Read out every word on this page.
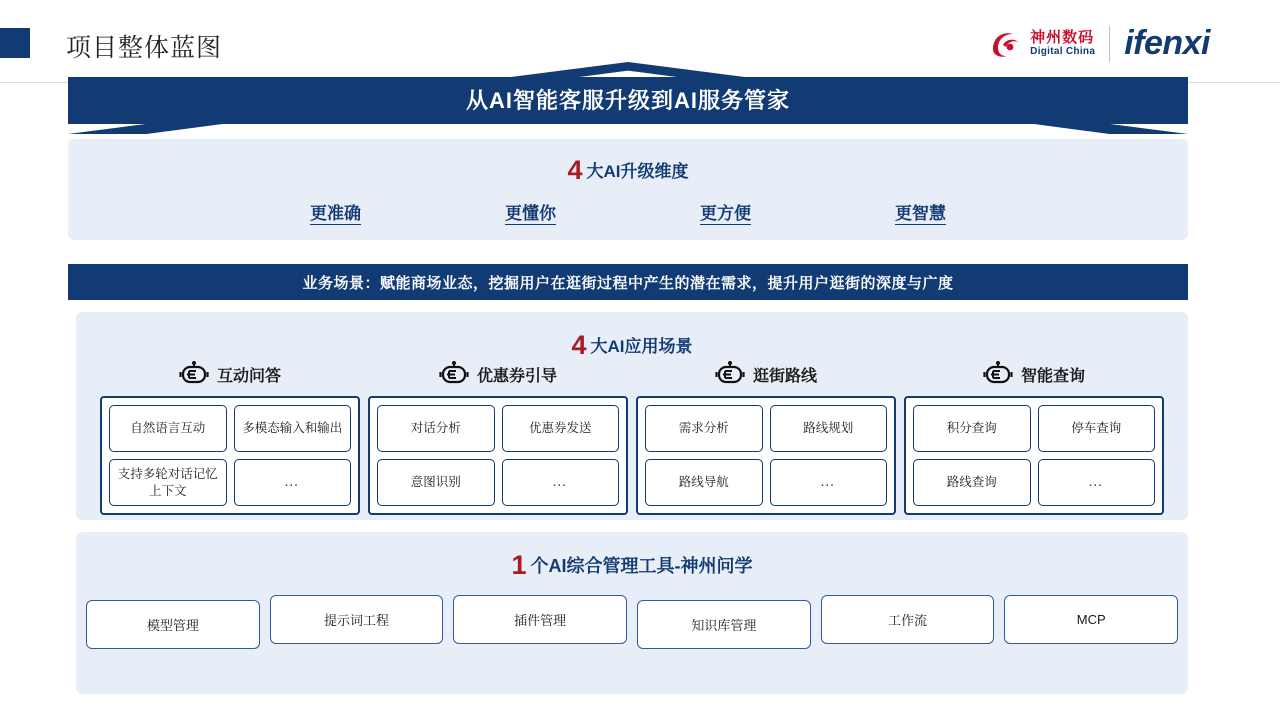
项目整体蓝图	神州数码
Digital China ifenxi
从AI智能客服升级到AI服务管家
4 大AI升级维度
更准确	更懂你	更方便	更智慧
业务场景：赋能商场业态，挖掘用户在逛街过程中产生的潜在需求，提升用户逛街的深度与广度
4 大AI应用场景
互动问答
自然语言互动	多模态输入和输出
支持多轮对话记忆上下文
…
优惠券引导
对话分析	优惠券发送
意图识别	…
逛街路线
需求分析	路线规划
路线导航	…
智能查询
积分查询	停车查询
路线查询	…
1 个AI综合管理工具-神州问学
模型管理	提示词工程	插件管理	知识库管理	工作流	MCP
